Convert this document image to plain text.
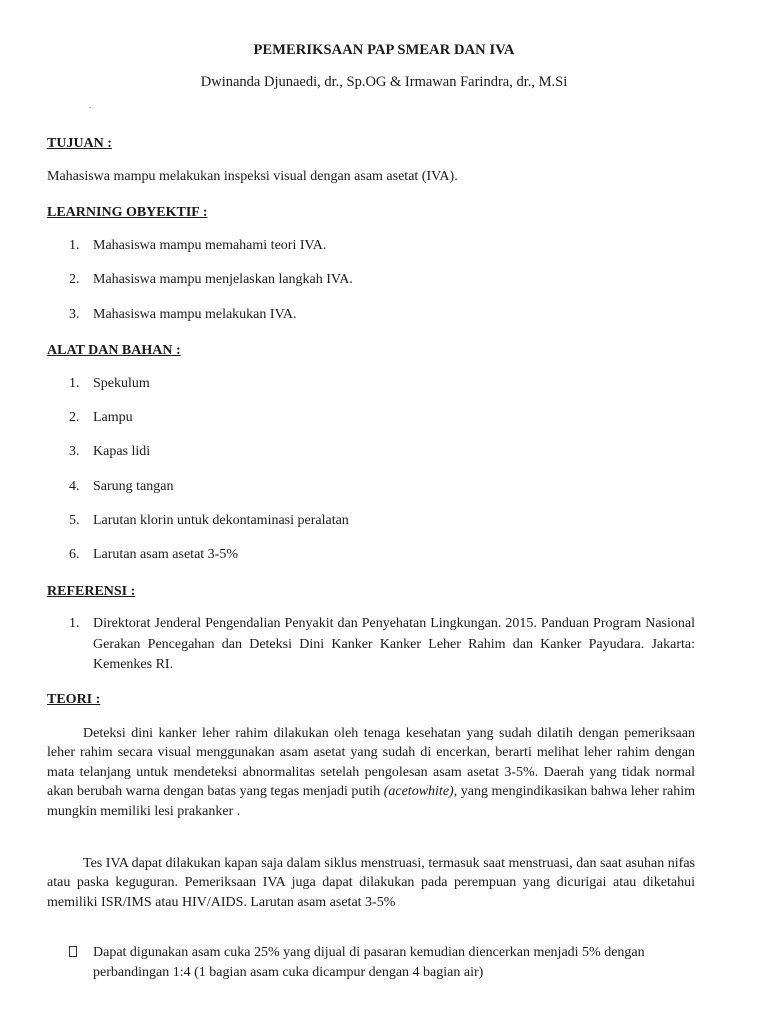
PEMERIKSAAN PAP SMEAR DAN IVA
Dwinanda Djunaedi, dr., Sp.OG & Irmawan Farindra, dr., M.Si
.
TUJUAN :

Mahasiswa mampu melakukan inspeksi visual dengan asam asetat (IVA).

LEARNING OBYEKTIF :
1. Mahasiswa mampu memahami teori IVA.
2. Mahasiswa mampu menjelaskan langkah IVA.
3. Mahasiswa mampu melakukan IVA.
ALAT DAN BAHAN :
1. Spekulum
2. Lampu
3. Kapas lidi
4. Sarung tangan
5. Larutan klorin untuk dekontaminasi peralatan
6. Larutan asam asetat 3-5%
REFERENSI :
1. Direktorat Jenderal Pengendalian Penyakit dan Penyehatan Lingkungan. 2015. Panduan Program Nasional Gerakan Pencegahan dan Deteksi Dini Kanker Kanker Leher Rahim dan Kanker Payudara. Jakarta: Kemenkes RI.
TEORI :

Deteksi dini kanker leher rahim dilakukan oleh tenaga kesehatan yang sudah dilatih dengan pemeriksaan leher rahim secara visual menggunakan asam asetat yang sudah di encerkan, berarti melihat leher rahim dengan mata telanjang untuk mendeteksi abnormalitas setelah pengolesan asam asetat 3-5%. Daerah yang tidak normal akan berubah warna dengan batas yang tegas menjadi putih (acetowhite), yang mengindikasikan bahwa leher rahim mungkin memiliki lesi prakanker .

Tes IVA dapat dilakukan kapan saja dalam siklus menstruasi, termasuk saat menstruasi, dan saat asuhan nifas atau paska keguguran. Pemeriksaan IVA juga dapat dilakukan pada perempuan yang dicurigai atau diketahui memiliki ISR/IMS atau HIV/AIDS. Larutan asam asetat 3-5%

Dapat digunakan asam cuka 25% yang dijual di pasaran kemudian diencerkan menjadi 5% dengan perbandingan 1:4 (1 bagian asam cuka dicampur dengan 4 bagian air)
